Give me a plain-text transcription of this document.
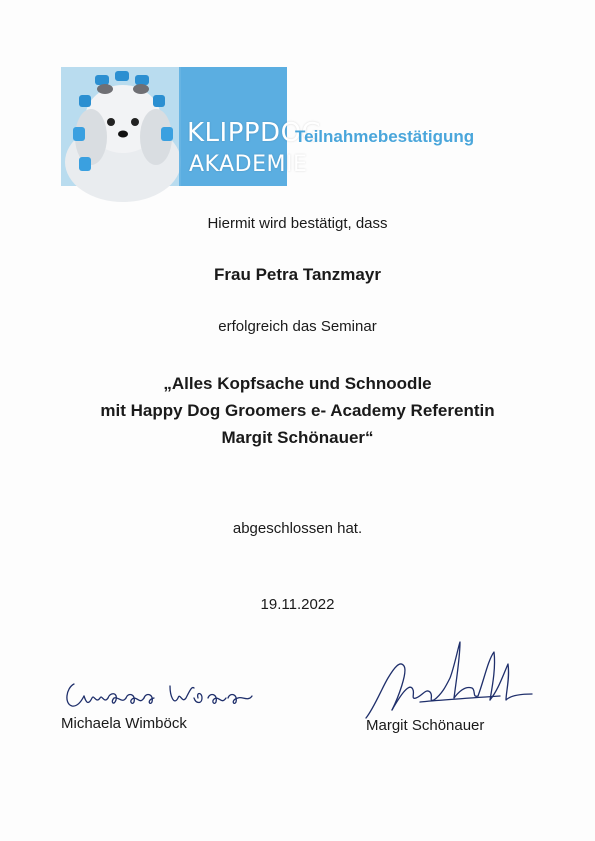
KLIPPDOG
AKADEMIE
Teilnahmebestätigung
Hiermit wird bestätigt, dass
Frau Petra Tanzmayr
erfolgreich das Seminar
„Alles Kopfsache und Schnoodle
mit Happy Dog Groomers e- Academy Referentin
Margit Schönauer“
abgeschlossen hat.
19.11.2022
Michaela Wimböck	Margit Schönauer
